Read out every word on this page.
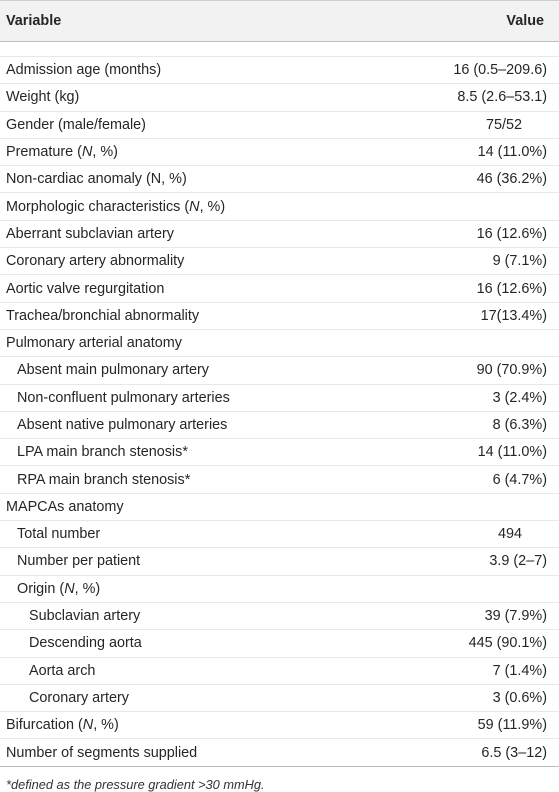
Variable	Value

Admission age (months)	16 (0.5–209.6)
Weight (kg)	8.5 (2.6–53.1)
Gender (male/female)	75/52
Premature (N, %)	14 (11.0%)
Non-cardiac anomaly (N, %)	46 (36.2%)
Morphologic characteristics (N, %)	
Aberrant subclavian artery	16 (12.6%)
Coronary artery abnormality	9 (7.1%)
Aortic valve regurgitation	16 (12.6%)
Trachea/bronchial abnormality	17(13.4%)
Pulmonary arterial anatomy	
Absent main pulmonary artery	90 (70.9%)
Non-confluent pulmonary arteries	3 (2.4%)
Absent native pulmonary arteries	8 (6.3%)
LPA main branch stenosis*	14 (11.0%)
RPA main branch stenosis*	6 (4.7%)
MAPCAs anatomy	
Total number	494
Number per patient	3.9 (2–7)
Origin (N, %)	
Subclavian artery	39 (7.9%)
Descending aorta	445 (90.1%)
Aorta arch	7 (1.4%)
Coronary artery	3 (0.6%)
Bifurcation (N, %)	59 (11.9%)
Number of segments supplied	6.5 (3–12)
*defined as the pressure gradient >30 mmHg.
